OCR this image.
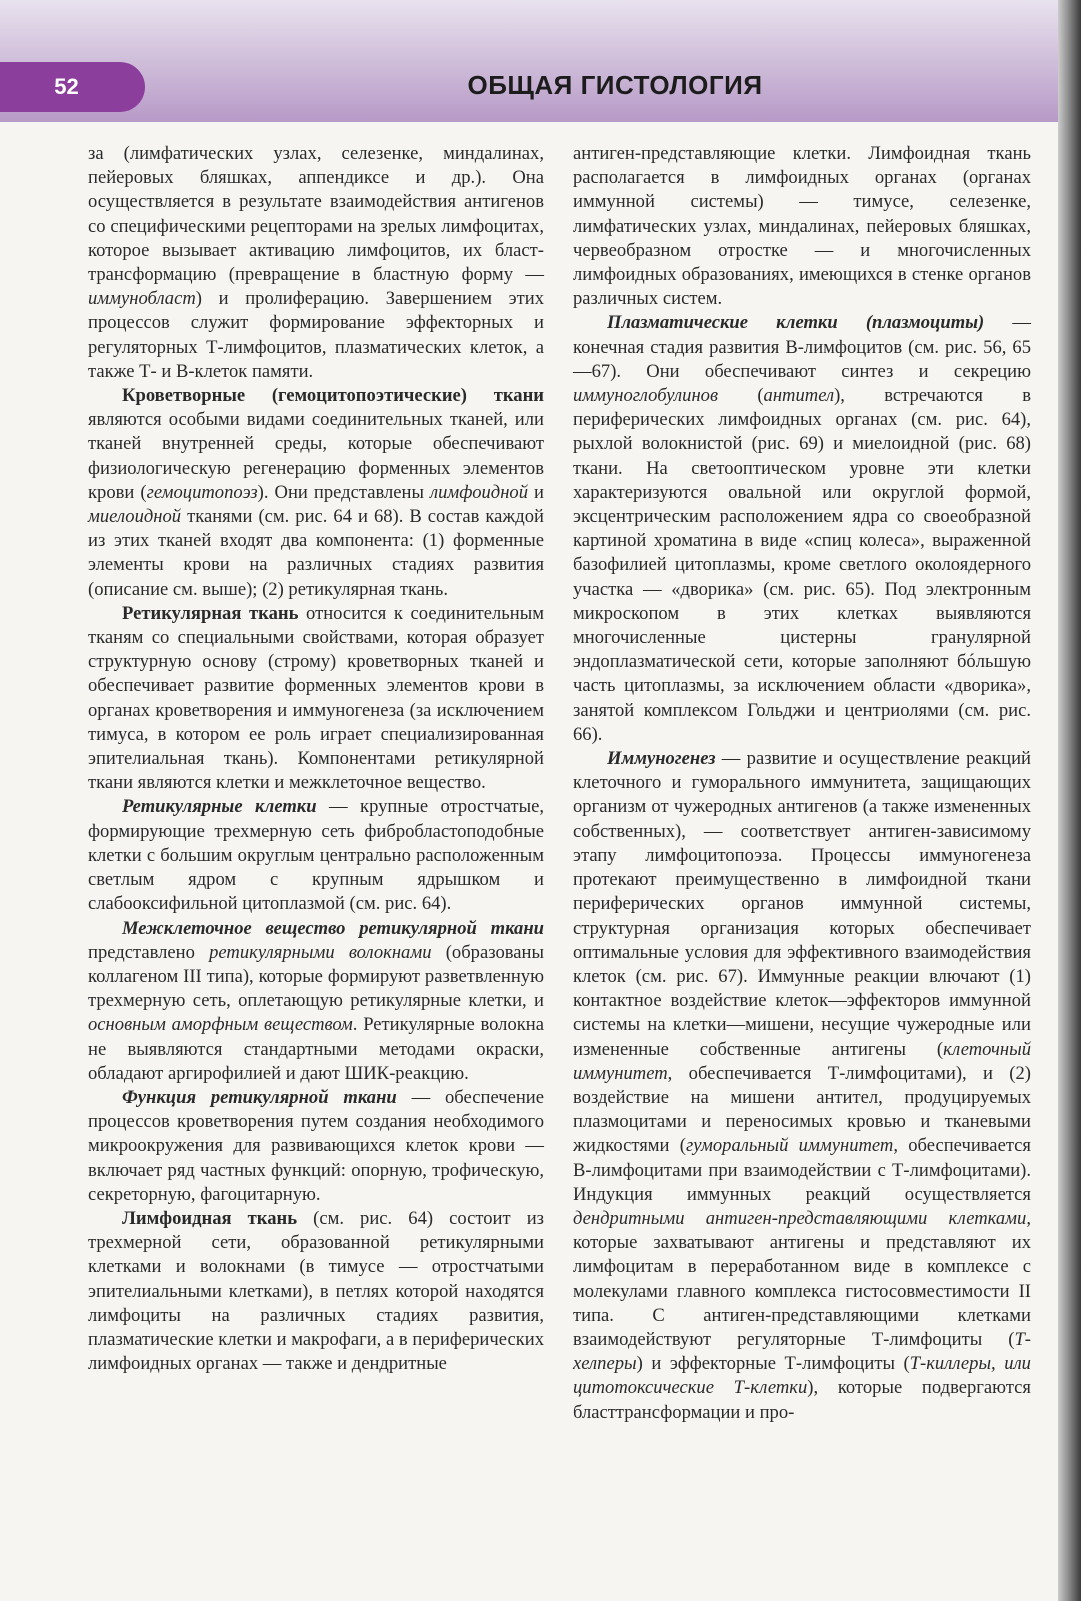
52	ОБЩАЯ ГИСТОЛОГИЯ

за (лимфатических узлах, селезенке, миндалинах, пейеровых бляшках, аппендиксе и др.). Она осуществляется в результате взаимодействия антигенов со специфическими рецепторами на зрелых лимфоцитах, которое вызывает активацию лимфоцитов, их бласт-трансформацию (превращение в бластную форму — иммунобласт) и пролиферацию. Завершением этих процессов служит формирование эффекторных и регуляторных Т-лимфоцитов, плазматических клеток, а также Т- и В-клеток памяти.

Кроветворные (гемоцитопоэтические) ткани являются особыми видами соединительных тканей, или тканей внутренней среды, которые обеспечивают физиологическую регенерацию форменных элементов крови (гемоцитопоэз). Они представлены лимфоидной и миелоидной тканями (см. рис. 64 и 68). В состав каждой из этих тканей входят два компонента: (1) форменные элементы крови на различных стадиях развития (описание см. выше); (2) ретикулярная ткань.

Ретикулярная ткань относится к соединительным тканям со специальными свойствами, которая образует структурную основу (строму) кроветворных тканей и обеспечивает развитие форменных элементов крови в органах кроветворения и иммуногенеза (за исключением тимуса, в котором ее роль играет специализированная эпителиальная ткань). Компонентами ретикулярной ткани являются клетки и межклеточное вещество.

Ретикулярные клетки — крупные отростчатые, формирующие трехмерную сеть фибробластоподобные клетки с большим округлым центрально расположенным светлым ядром с крупным ядрышком и слабооксифильной цитоплазмой (см. рис. 64).

Межклеточное вещество ретикулярной ткани представлено ретикулярными волокнами (образованы коллагеном III типа), которые формируют разветвленную трехмерную сеть, оплетающую ретикулярные клетки, и основным аморфным веществом. Ретикулярные волокна не выявляются стандартными методами окраски, обладают аргирофилией и дают ШИК-реакцию.

Функция ретикулярной ткани — обеспечение процессов кроветворения путем создания необходимого микроокружения для развивающихся клеток крови — включает ряд частных функций: опорную, трофическую, секреторную, фагоцитарную.

Лимфоидная ткань (см. рис. 64) состоит из трехмерной сети, образованной ретикулярными клетками и волокнами (в тимусе — отростчатыми эпителиальными клетками), в петлях которой находятся лимфоциты на различных стадиях развития, плазматические клетки и макрофаги, а в периферических лимфоидных органах — также и дендритные

антиген-представляющие клетки. Лимфоидная ткань располагается в лимфоидных органах (органах иммунной системы) — тимусе, селезенке, лимфатических узлах, миндалинах, пейеровых бляшках, червеобразном отростке — и многочисленных лимфоидных образованиях, имеющихся в стенке органов различных систем.

Плазматические клетки (плазмоциты) — конечная стадия развития В-лимфоцитов (см. рис. 56, 65—67). Они обеспечивают синтез и секрецию иммуноглобулинов (антител), встречаются в периферических лимфоидных органах (см. рис. 64), рыхлой волокнистой (рис. 69) и миелоидной (рис. 68) ткани. На светооптическом уровне эти клетки характеризуются овальной или округлой формой, эксцентрическим расположением ядра со своеобразной картиной хроматина в виде «спиц колеса», выраженной базофилией цитоплазмы, кроме светлого околоядерного участка — «дворика» (см. рис. 65). Под электронным микроскопом в этих клетках выявляются многочисленные цистерны гранулярной эндоплазматической сети, которые заполняют бóльшую часть цитоплазмы, за исключением области «дворика», занятой комплексом Гольджи и центриолями (см. рис. 66).

Иммуногенез — развитие и осуществление реакций клеточного и гуморального иммунитета, защищающих организм от чужеродных антигенов (а также измененных собственных), — соответствует антиген-зависимому этапу лимфоцитопоэза. Процессы иммуногенеза протекают преимущественно в лимфоидной ткани периферических органов иммунной системы, структурная организация которых обеспечивает оптимальные условия для эффективного взаимодействия клеток (см. рис. 67). Иммунные реакции влючают (1) контактное воздействие клеток—эффекторов иммунной системы на клетки—мишени, несущие чужеродные или измененные собственные антигены (клеточный иммунитет, обеспечивается Т-лимфоцитами), и (2) воздействие на мишени антител, продуцируемых плазмоцитами и переносимых кровью и тканевыми жидкостями (гуморальный иммунитет, обеспечивается В-лимфоцитами при взаимодействии с Т-лимфоцитами). Индукция иммунных реакций осуществляется дендритными антиген-представляющими клетками, которые захватывают антигены и представляют их лимфоцитам в переработанном виде в комплексе с молекулами главного комплекса гистосовместимости II типа. С антиген-представляющими клетками взаимодействуют регуляторные Т-лимфоциты (Т-хелперы) и эффекторные Т-лимфоциты (Т-киллеры, или цитотоксические Т-клетки), которые подвергаются бласттрансформации и про-
